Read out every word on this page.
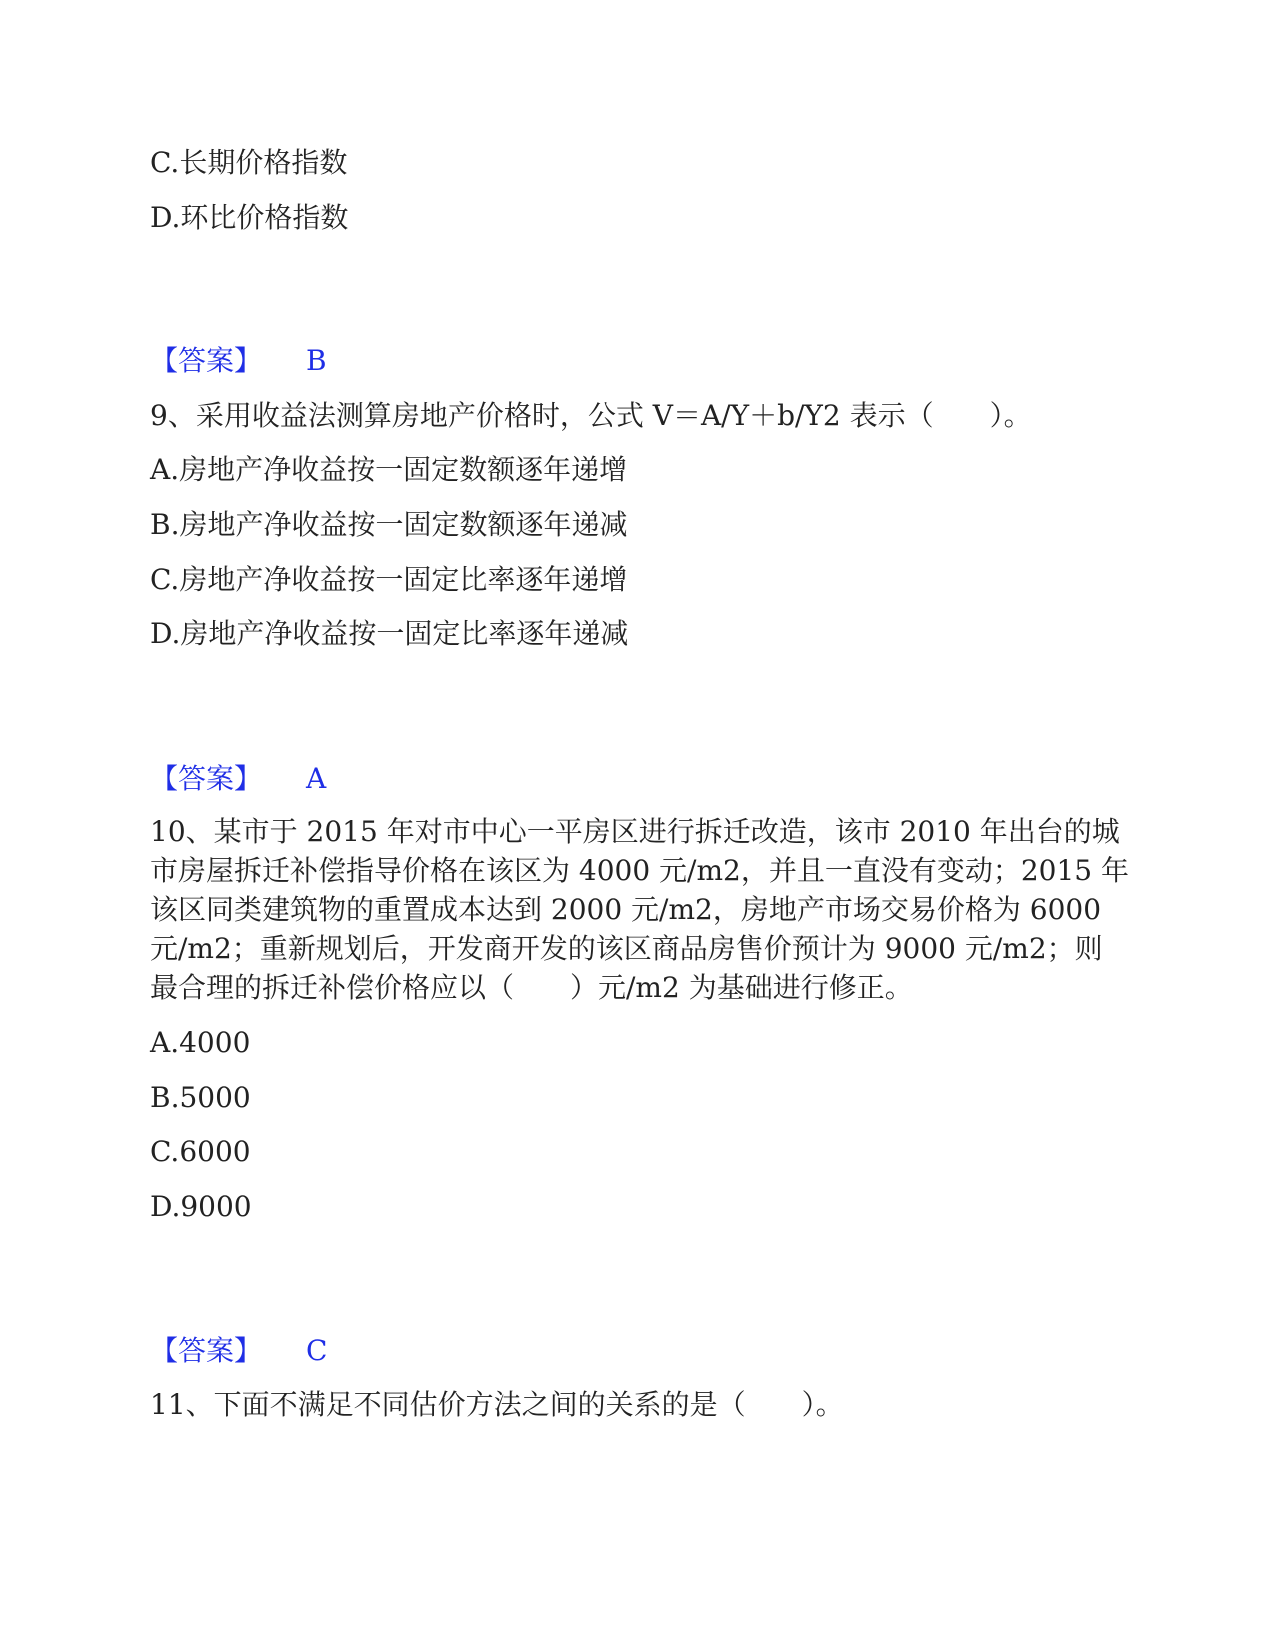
C.长期价格指数
D.环比价格指数
【答案】 B
9、采用收益法测算房地产价格时，公式 V＝A/Y＋b/Y2 表示（　　）。
A.房地产净收益按一固定数额逐年递增
B.房地产净收益按一固定数额逐年递减
C.房地产净收益按一固定比率逐年递增
D.房地产净收益按一固定比率逐年递减
【答案】 A
10、某市于 2015 年对市中心一平房区进行拆迁改造，该市 2010 年出台的城
市房屋拆迁补偿指导价格在该区为 4000 元/m2，并且一直没有变动；2015 年
该区同类建筑物的重置成本达到 2000 元/m2，房地产市场交易价格为 6000
元/m2；重新规划后，开发商开发的该区商品房售价预计为 9000 元/m2；则
最合理的拆迁补偿价格应以（　　）元/m2 为基础进行修正。
A.4000
B.5000
C.6000
D.9000
【答案】 C
11、下面不满足不同估价方法之间的关系的是（　　）。
